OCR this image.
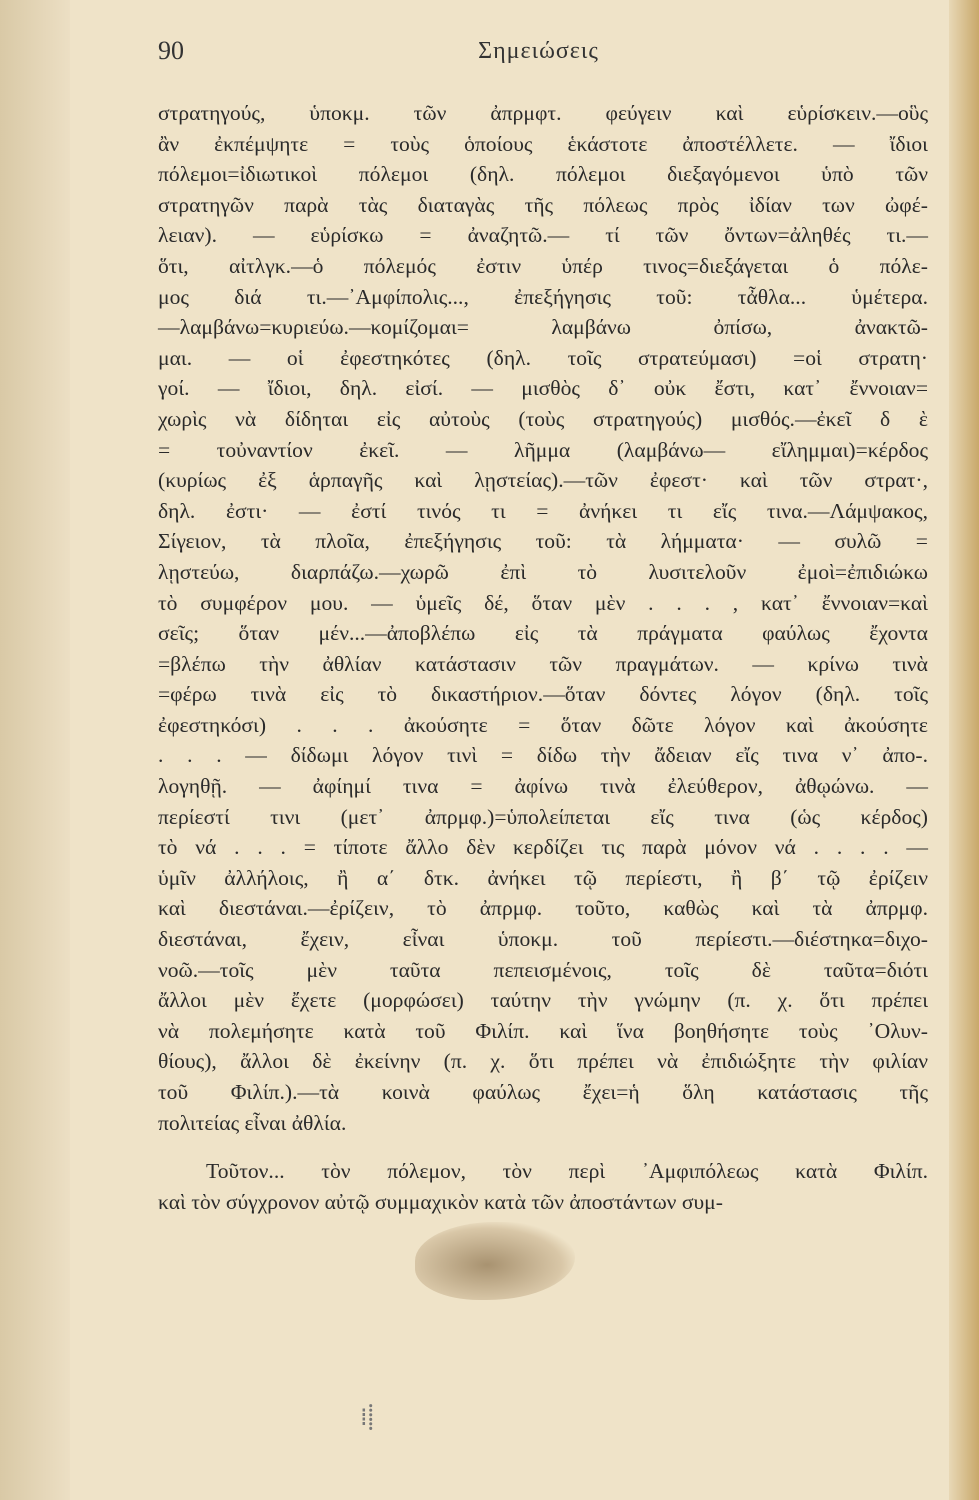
90	Σημειώσεις
στρατηγούς, ὑποκμ. τῶν ἀπρμφτ. φεύγειν καὶ εὑρίσκειν.—οὓς
ἂν ἐκπέμψητε = τοὺς ὁποίους ἑκάστοτε ἀποστέλλετε. — ἴδιοι
πόλεμοι=ἰδιωτικοὶ πόλεμοι (δηλ. πόλεμοι διεξαγόμενοι ὑπὸ τῶν
στρατηγῶν παρὰ τὰς διαταγὰς τῆς πόλεως πρὸς ἰδίαν των ὠφέ-
λειαν). — εὑρίσκω = ἀναζητῶ.— τί τῶν ὄντων=ἀληθές τι.—
ὅτι, αἰτλγκ.—ὁ πόλεμός ἐστιν ὑπέρ τινος=διεξάγεται ὁ πόλε-
μος διά τι.—᾿Αμφίπολις..., ἐπεξήγησις τοῦ: τἆθλα... ὑμέτερα.
—λαμβάνω=κυριεύω.—κομίζομαι= λαμβάνω ὀπίσω, ἀνακτῶ-
μαι. — οἱ ἐφεστηκότες (δηλ. τοῖς στρατεύμασι) =οἱ στρατη·
γοί. — ἴδιοι, δηλ. εἰσί. — μισθὸς δ᾿ οὐκ ἔστι, κατ᾿ ἔννοιαν=
χωρὶς νὰ δίδηται εἰς αὐτοὺς (τοὺς στρατηγούς) μισθός.—ἐκεῖ δ ὲ
= τοὐναντίον ἐκεῖ. — λῆμμα (λαμβάνω— εἴλημμαι)=κέρδος
(κυρίως ἐξ ἁρπαγῆς καὶ λῃστείας).—τῶν ἐφεστ· καὶ τῶν στρατ·,
δηλ. ἐστι· — ἐστί τινός τι = ἀνήκει τι εἴς τινα.—Λάμψακος,
Σίγειον, τὰ πλοῖα, ἐπεξήγησις τοῦ: τὰ λήμματα· — συλῶ =
λῃστεύω, διαρπάζω.—χωρῶ ἐπὶ τὸ λυσιτελοῦν ἐμοὶ=ἐπιδιώκω
τὸ συμφέρον μου. — ὑμεῖς δέ, ὅταν μὲν . . . , κατ᾿ ἔννοιαν=καὶ
σεῖς; ὅταν μέν...—ἀποβλέπω εἰς τὰ πράγματα φαύλως ἔχοντα
=βλέπω τὴν ἀθλίαν κατάστασιν τῶν πραγμάτων. — κρίνω τινὰ
=φέρω τινὰ εἰς τὸ δικαστήριον.—ὅταν δόντες λόγον (δηλ. τοῖς
ἐφεστηκόσι) . . . ἀκούσητε = ὅταν δῶτε λόγον καὶ ἀκούσητε
. . . — δίδωμι λόγον τινὶ = δίδω τὴν ἄδειαν εἴς τινα ν᾿ ἀπο-.
λογηθῇ. — ἀφίημί τινα = ἀφίνω τινὰ ἐλεύθερον, ἀθῳώνω. —
περίεστί τινι (μετ᾿ ἀπρμφ.)=ὑπολείπεται εἴς τινα (ὡς κέρδος)
τὸ νά . . . = τίποτε ἄλλο δὲν κερδίζει τις παρὰ μόνον νά . . . . —
ὑμῖν ἀλλήλοις, ἢ α΄ δτκ. ἀνήκει τῷ περίεστι, ἢ β΄ τῷ ἐρίζειν
καὶ διεστάναι.—ἐρίζειν, τὸ ἀπρμφ. τοῦτο, καθὼς καὶ τὰ ἀπρμφ.
διεστάναι, ἔχειν, εἶναι ὑποκμ. τοῦ περίεστι.—διέστηκα=διχο-
νοῶ.—τοῖς μὲν ταῦτα πεπεισμένοις, τοῖς δὲ ταῦτα=διότι
ἄλλοι μὲν ἔχετε (μορφώσει) ταύτην τὴν γνώμην (π. χ. ὅτι πρέπει
νὰ πολεμήσητε κατὰ τοῦ Φιλίπ. καὶ ἵνα βοηθήσητε τοὺς ᾿Ολυν-
θίους), ἄλλοι δὲ ἐκείνην (π. χ. ὅτι πρέπει νὰ ἐπιδιώξητε τὴν φιλίαν
τοῦ Φιλίπ.).—τὰ κοινὰ φαύλως ἔχει=ἡ ὅλη κατάστασις τῆς
πολιτείας εἶναι ἀθλία.
Τοῦτον... τὸν πόλεμον, τὸν περὶ ᾿Αμφιπόλεως κατὰ Φιλίπ.
καὶ τὸν σύγχρονον αὐτῷ συμμαχικὸν κατὰ τῶν ἀποστάντων συμ-
⁞⸽
